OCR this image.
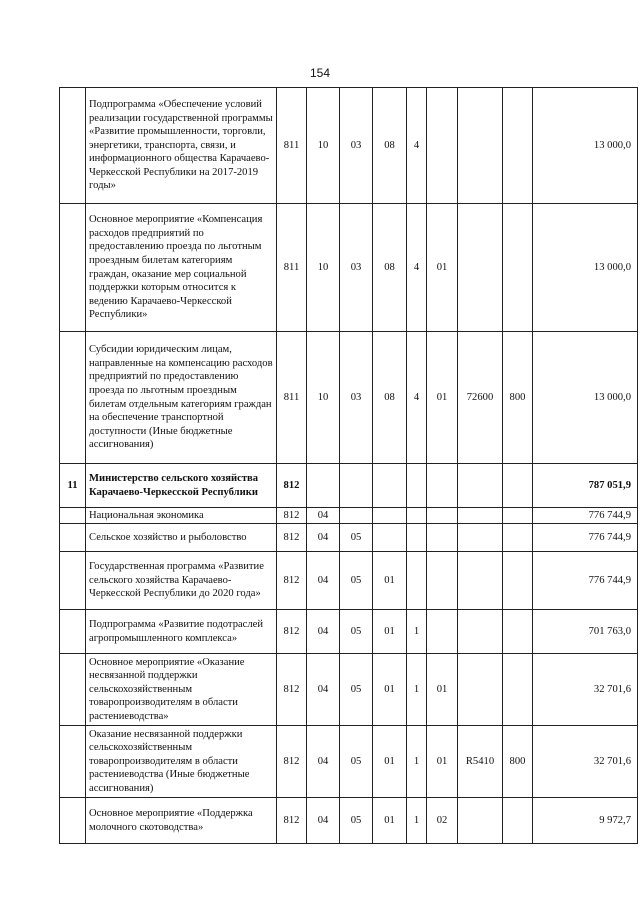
154
	Подпрограмма «Обеспечение условий реализации государственной программы «Развитие промышленности, торговли, энергетики, транспорта, связи, и информационного общества Карачаево-Черкесской Республики на 2017-2019 годы»	811	10	03	08	4				13 000,0
	Основное мероприятие «Компенсация расходов предприятий по предоставлению проезда по льготным проездным билетам категориям граждан, оказание мер социальной поддержки которым относится к ведению Карачаево-Черкесской Республики»	811	10	03	08	4	01			13 000,0
	Субсидии юридическим лицам, направленные на компенсацию расходов предприятий по предоставлению проезда по льготным проездным билетам отдельным категориям граждан на обеспечение транспортной доступности (Иные бюджетные ассигнования)	811	10	03	08	4	01	72600	800	13 000,0
11	Министерство сельского хозяйства Карачаево-Черкесской Республики	812								787 051,9
	Национальная экономика	812	04							776 744,9
	Сельское хозяйство и рыболовство	812	04	05						776 744,9
	Государственная программа «Развитие сельского хозяйства Карачаево-Черкесской Республики до 2020 года»	812	04	05	01					776 744,9
	Подпрограмма «Развитие подотраслей агропромышленного комплекса»	812	04	05	01	1				701 763,0
	Основное мероприятие «Оказание несвязанной поддержки сельскохозяйственным товаропроизводителям в области растениеводства»	812	04	05	01	1	01			32 701,6
	Оказание несвязанной поддержки сельскохозяйственным товаропроизводителям в области растениеводства (Иные бюджетные ассигнования)	812	04	05	01	1	01	R5410	800	32 701,6
	Основное мероприятие «Поддержка молочного скотоводства»	812	04	05	01	1	02			9 972,7
